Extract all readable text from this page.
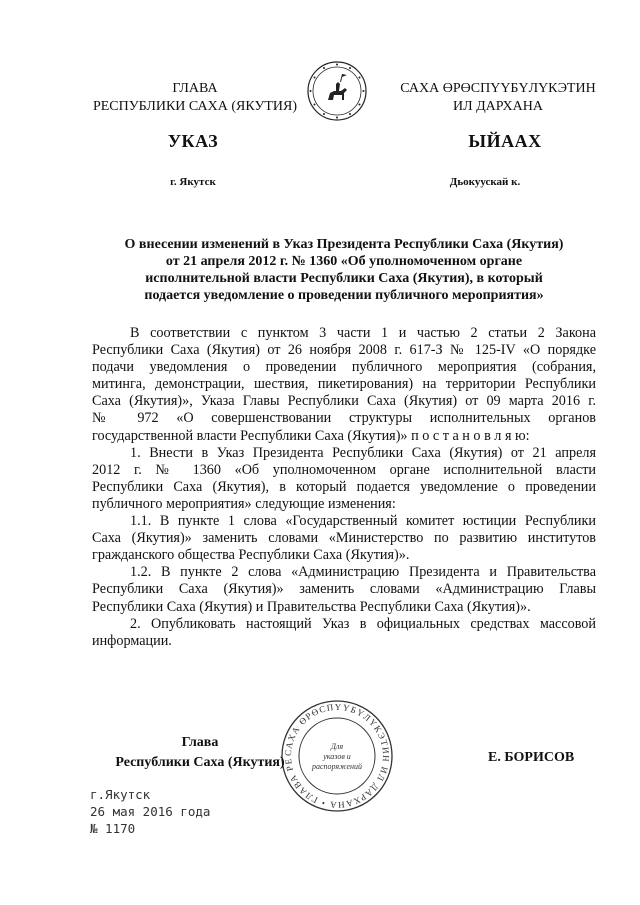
ГЛАВА
РЕСПУБЛИКИ САХА (ЯКУТИЯ)
САХА ӨРӨСПҮҮБҮЛҮКЭТИН
ИЛ ДАРХАНА
УКАЗ	ЫЙААХ
г. Якутск	Дьокуускай к.
О внесении изменений в Указ Президента Республики Саха (Якутия)
от 21 апреля 2012 г. № 1360 «Об уполномоченном органе
исполнительной власти Республики Саха (Якутия), в который
подается уведомление о проведении публичного мероприятия»
В соответствии с пунктом 3 части 1 и частью 2 статьи 2 Закона
Республики Саха (Якутия) от 26 ноября 2008 г. 617-З № 125-IV «О порядке
подачи уведомления о проведении публичного мероприятия (собрания,
митинга, демонстрации, шествия, пикетирования) на территории Республики
Саха (Якутия)», Указа Главы Республики Саха (Якутия) от 09 марта 2016 г.
№ 972 «О совершенствовании структуры исполнительных органов
государственной власти Республики Саха (Якутия)» п о с т а н о в л я ю:
1. Внести в Указ Президента Республики Саха (Якутия) от 21 апреля
2012 г. № 1360 «Об уполномоченном органе исполнительной власти
Республики Саха (Якутия), в который подается уведомление о проведении
публичного мероприятия» следующие изменения:
1.1. В пункте 1 слова «Государственный комитет юстиции Республики
Саха (Якутия)» заменить словами «Министерство по развитию институтов
гражданского общества Республики Саха (Якутия)».
1.2. В пункте 2 слова «Администрацию Президента и Правительства
Республики Саха (Якутия)» заменить словами «Администрацию Главы
Республики Саха (Якутия) и Правительства Республики Саха (Якутия)».
2. Опубликовать настоящий Указ в официальных средствах массовой
информации.
САХА ӨРӨСПҮҮБҮЛҮКЭТИН ИЛ ДАРХАНА • ГЛАВА РЕ
Для
указов и
распоряжений
Глава
Республики Саха (Якутия)	Е. БОРИСОВ
г.Якутск
26 мая 2016 года
№ 1170
